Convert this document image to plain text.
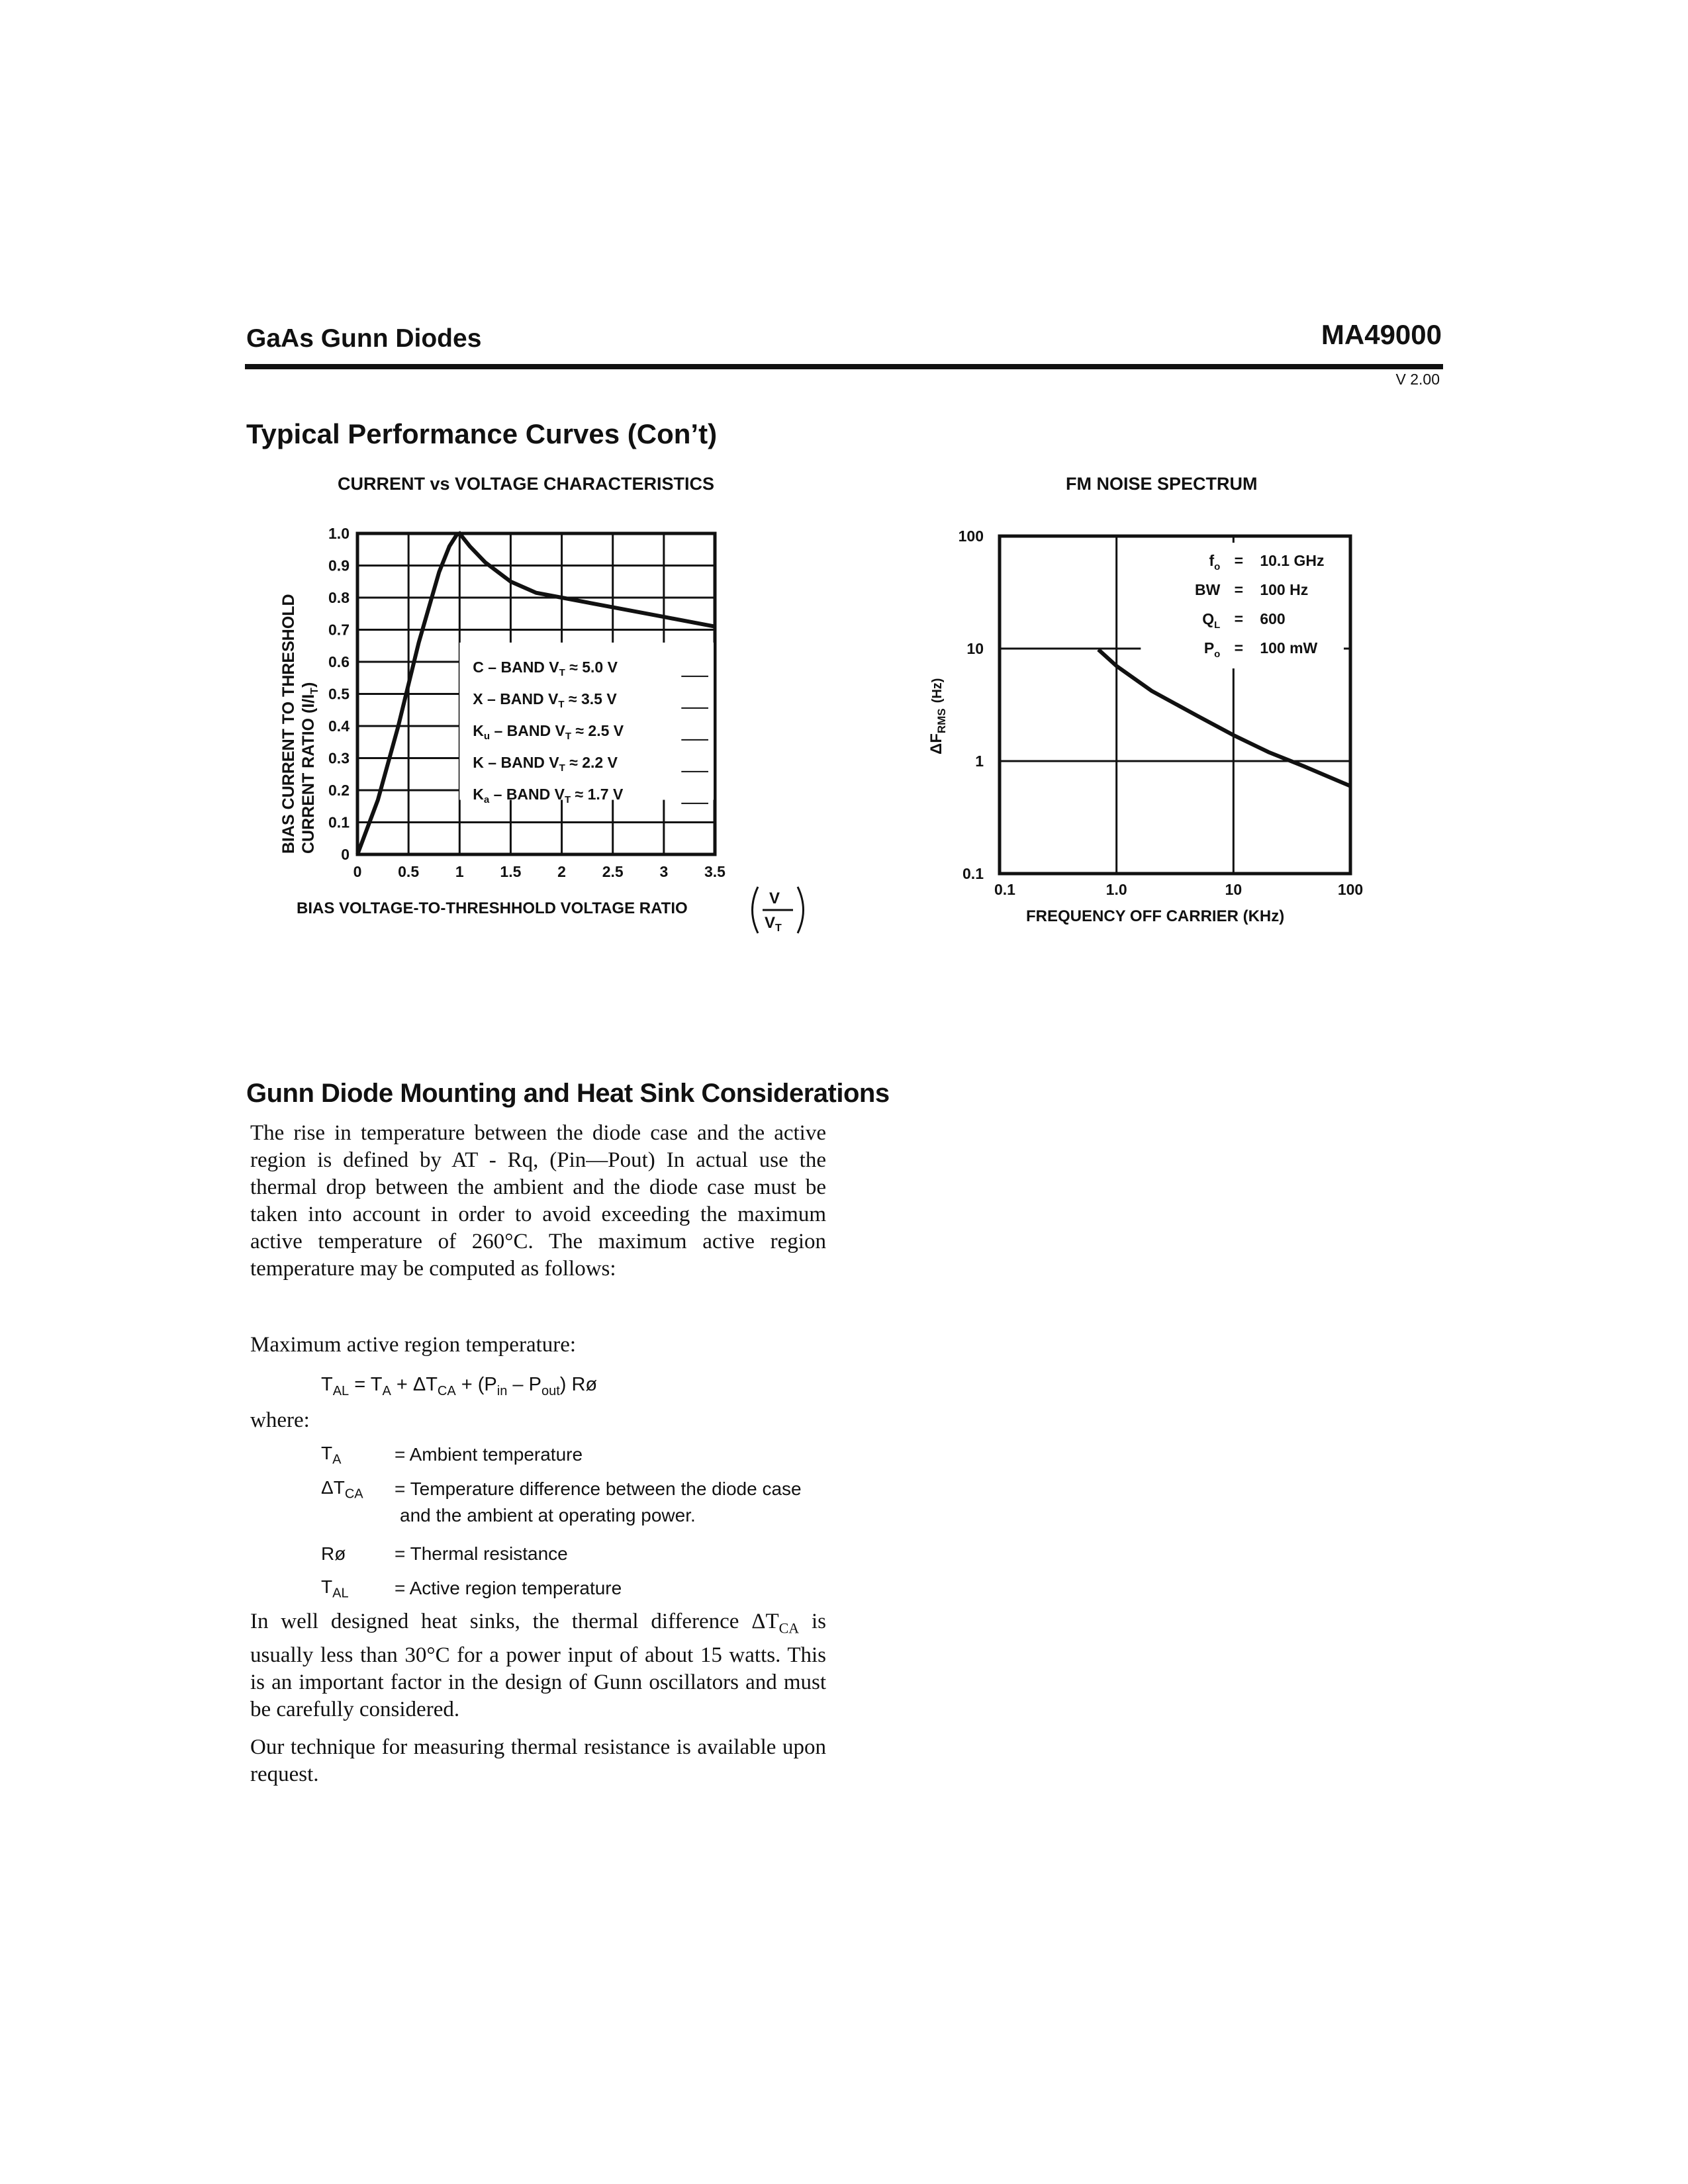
GaAs Gunn Diodes	MA49000
V 2.00
Typical Performance Curves (Con’t)
CURRENT vs VOLTAGE CHARACTERISTICS	FM NOISE SPECTRUM
0
0.1
0.2
0.3
0.4
0.5
0.6
0.7
0.8
0.9
1.0
0 0.5 1 1.5 2 2.5 3 3.5
C – BAND $V_T \approx 5.0$ V
X – BAND $V_T \approx 3.5$ V
$K_u$ – BAND $V_T \approx 2.5$ V
K – BAND $V_T \approx 2.2$ V
$K_a$ – BAND $V_T \approx 1.7$ V
BIAS CURRENT TO THRESHOLD CURRENT RATIO $(I/I_T)$
BIAS VOLTAGE-TO-THRESHHOLD VOLTAGE RATIO
V
$V_T$
0.1
1
10
100
0.1	1.0	10	100
$f_o = 10.1$ GHz
BW = 100 Hz
$Q_L = 600$
$P_o = 100$ mW
$\Delta F_{RMS}^{(Hz)}$
FREQUENCY OFF CARRIER (KHz)
Gunn Diode Mounting and Heat Sink Considerations
The rise in temperature between the diode case and the active region is defined by AT - Rq, (Pin—Pout) In actual use the thermal drop between the ambient and the diode case must be taken into account in order to avoid exceeding the maximum active temperature of 260°C. The maximum active region temperature may be computed as follows:
Maximum active region temperature:
$T_{AL} = T_A + \Delta T_{CA} + (P_{in} - P_{out})$ Rø
where:
$T_A$	= Ambient temperature
$\Delta T_{CA}$ = Temperature difference between the diode case
and the ambient at operating power.
Rø	= Thermal resistance
$T_{AL}$ = Active region temperature
In well designed heat sinks, the thermal difference $\Delta T_{CA}$ is usually less than 30°C for a power input of about 15 watts. This is an important factor in the design of Gunn oscillators and must be carefully considered.
Our technique for measuring thermal resistance is available upon request.
